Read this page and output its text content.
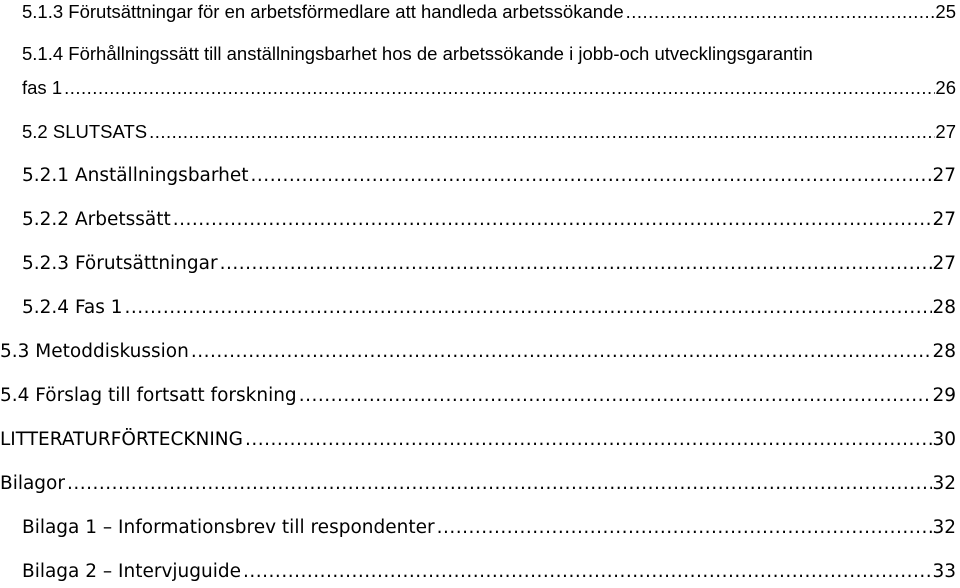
5.1.3 Förutsättningar för en arbetsförmedlare att handleda arbetssökande .....	25
5.1.4 Förhållningssätt till anställningsbarhet hos de arbetssökande i jobb-och utvecklingsgarantin
fas 1 .....	26
5.2 SLUTSATS .....	27
5.2.1 Anställningsbarhet .....	27
5.2.2 Arbetssätt .....	27
5.2.3 Förutsättningar .....	27
5.2.4 Fas 1 .....	28
5.3 Metoddiskussion .....	28
5.4 Förslag till fortsatt forskning .....	29
LITTERATURFÖRTECKNING .....	30
Bilagor .....	32
Bilaga 1 – Informationsbrev till respondenter .....	32
Bilaga 2 – Intervjuguide .....	33
